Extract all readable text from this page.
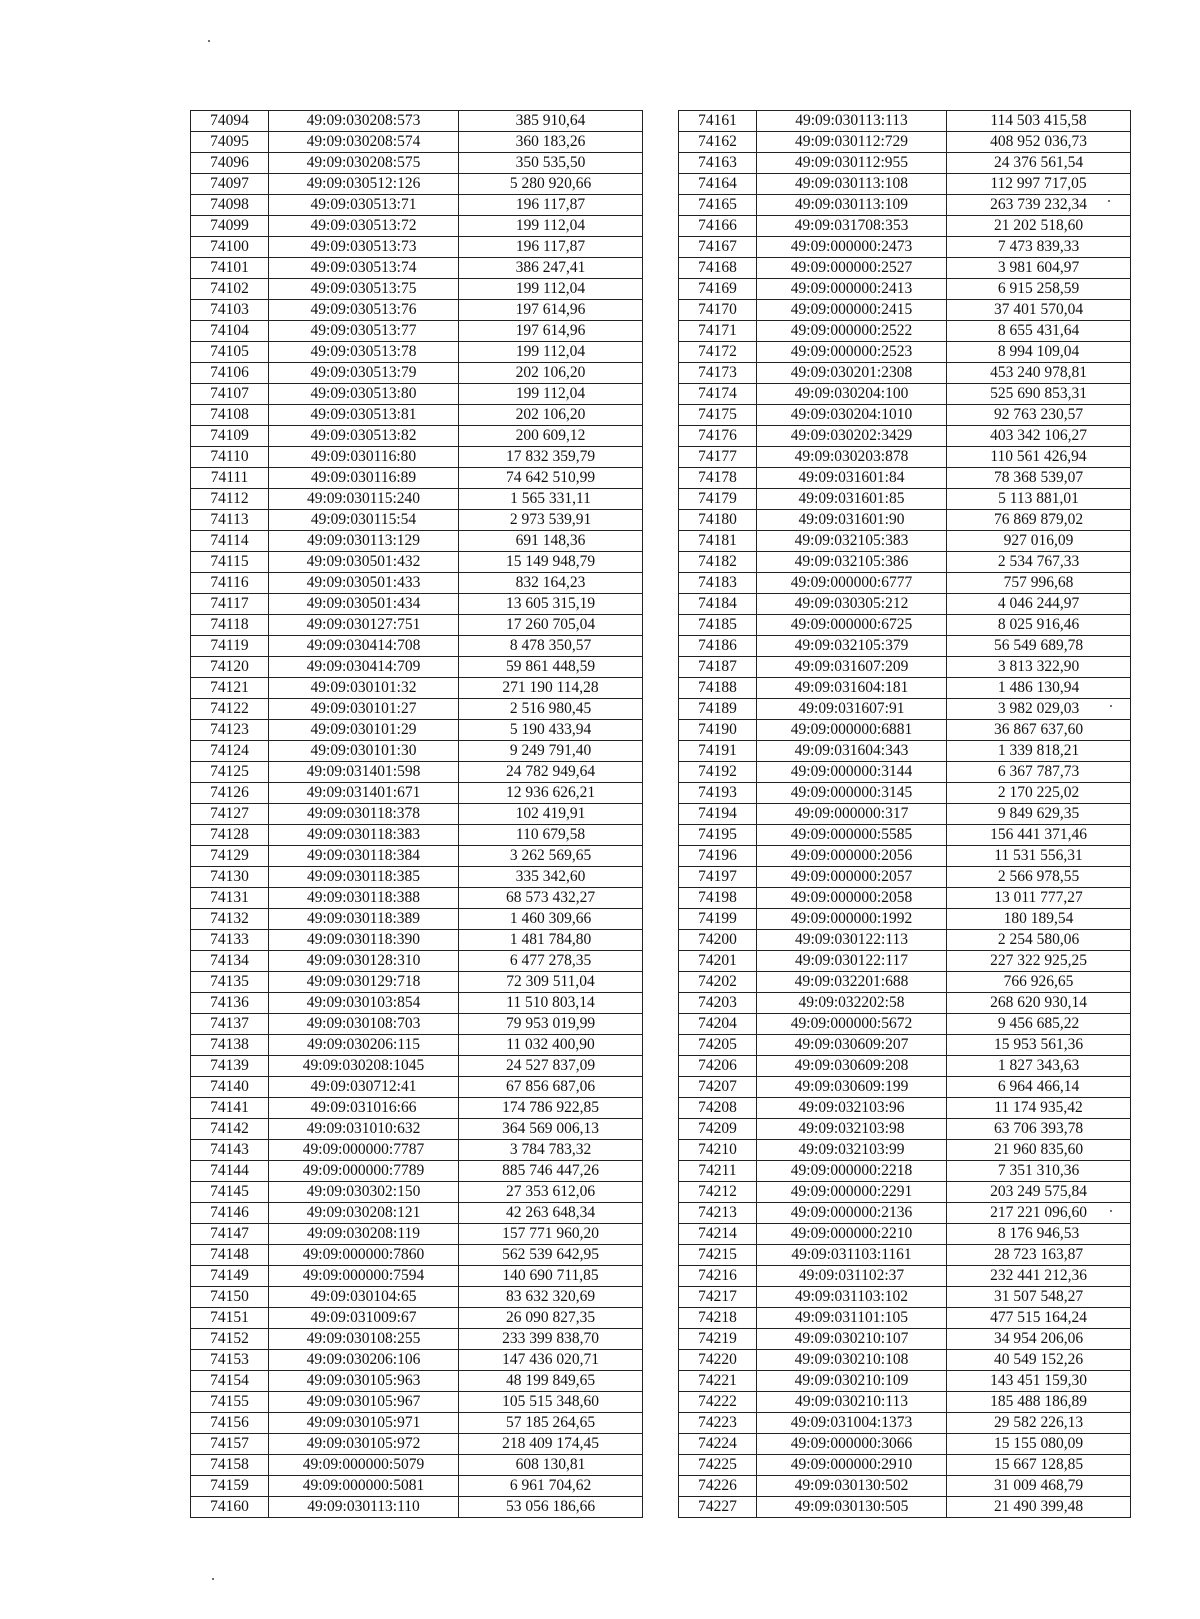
74094	49:09:030208:573	385 910,64
74095	49:09:030208:574	360 183,26
74096	49:09:030208:575	350 535,50
74097	49:09:030512:126	5 280 920,66
74098	49:09:030513:71	196 117,87
74099	49:09:030513:72	199 112,04
74100	49:09:030513:73	196 117,87
74101	49:09:030513:74	386 247,41
74102	49:09:030513:75	199 112,04
74103	49:09:030513:76	197 614,96
74104	49:09:030513:77	197 614,96
74105	49:09:030513:78	199 112,04
74106	49:09:030513:79	202 106,20
74107	49:09:030513:80	199 112,04
74108	49:09:030513:81	202 106,20
74109	49:09:030513:82	200 609,12
74110	49:09:030116:80	17 832 359,79
74111	49:09:030116:89	74 642 510,99
74112	49:09:030115:240	1 565 331,11
74113	49:09:030115:54	2 973 539,91
74114	49:09:030113:129	691 148,36
74115	49:09:030501:432	15 149 948,79
74116	49:09:030501:433	832 164,23
74117	49:09:030501:434	13 605 315,19
74118	49:09:030127:751	17 260 705,04
74119	49:09:030414:708	8 478 350,57
74120	49:09:030414:709	59 861 448,59
74121	49:09:030101:32	271 190 114,28
74122	49:09:030101:27	2 516 980,45
74123	49:09:030101:29	5 190 433,94
74124	49:09:030101:30	9 249 791,40
74125	49:09:031401:598	24 782 949,64
74126	49:09:031401:671	12 936 626,21
74127	49:09:030118:378	102 419,91
74128	49:09:030118:383	110 679,58
74129	49:09:030118:384	3 262 569,65
74130	49:09:030118:385	335 342,60
74131	49:09:030118:388	68 573 432,27
74132	49:09:030118:389	1 460 309,66
74133	49:09:030118:390	1 481 784,80
74134	49:09:030128:310	6 477 278,35
74135	49:09:030129:718	72 309 511,04
74136	49:09:030103:854	11 510 803,14
74137	49:09:030108:703	79 953 019,99
74138	49:09:030206:115	11 032 400,90
74139	49:09:030208:1045	24 527 837,09
74140	49:09:030712:41	67 856 687,06
74141	49:09:031016:66	174 786 922,85
74142	49:09:031010:632	364 569 006,13
74143	49:09:000000:7787	3 784 783,32
74144	49:09:000000:7789	885 746 447,26
74145	49:09:030302:150	27 353 612,06
74146	49:09:030208:121	42 263 648,34
74147	49:09:030208:119	157 771 960,20
74148	49:09:000000:7860	562 539 642,95
74149	49:09:000000:7594	140 690 711,85
74150	49:09:030104:65	83 632 320,69
74151	49:09:031009:67	26 090 827,35
74152	49:09:030108:255	233 399 838,70
74153	49:09:030206:106	147 436 020,71
74154	49:09:030105:963	48 199 849,65
74155	49:09:030105:967	105 515 348,60
74156	49:09:030105:971	57 185 264,65
74157	49:09:030105:972	218 409 174,45
74158	49:09:000000:5079	608 130,81
74159	49:09:000000:5081	6 961 704,62
74160	49:09:030113:110	53 056 186,66
74161	49:09:030113:113	114 503 415,58
74162	49:09:030112:729	408 952 036,73
74163	49:09:030112:955	24 376 561,54
74164	49:09:030113:108	112 997 717,05
74165	49:09:030113:109	263 739 232,34
74166	49:09:031708:353	21 202 518,60
74167	49:09:000000:2473	7 473 839,33
74168	49:09:000000:2527	3 981 604,97
74169	49:09:000000:2413	6 915 258,59
74170	49:09:000000:2415	37 401 570,04
74171	49:09:000000:2522	8 655 431,64
74172	49:09:000000:2523	8 994 109,04
74173	49:09:030201:2308	453 240 978,81
74174	49:09:030204:100	525 690 853,31
74175	49:09:030204:1010	92 763 230,57
74176	49:09:030202:3429	403 342 106,27
74177	49:09:030203:878	110 561 426,94
74178	49:09:031601:84	78 368 539,07
74179	49:09:031601:85	5 113 881,01
74180	49:09:031601:90	76 869 879,02
74181	49:09:032105:383	927 016,09
74182	49:09:032105:386	2 534 767,33
74183	49:09:000000:6777	757 996,68
74184	49:09:030305:212	4 046 244,97
74185	49:09:000000:6725	8 025 916,46
74186	49:09:032105:379	56 549 689,78
74187	49:09:031607:209	3 813 322,90
74188	49:09:031604:181	1 486 130,94
74189	49:09:031607:91	3 982 029,03
74190	49:09:000000:6881	36 867 637,60
74191	49:09:031604:343	1 339 818,21
74192	49:09:000000:3144	6 367 787,73
74193	49:09:000000:3145	2 170 225,02
74194	49:09:000000:317	9 849 629,35
74195	49:09:000000:5585	156 441 371,46
74196	49:09:000000:2056	11 531 556,31
74197	49:09:000000:2057	2 566 978,55
74198	49:09:000000:2058	13 011 777,27
74199	49:09:000000:1992	180 189,54
74200	49:09:030122:113	2 254 580,06
74201	49:09:030122:117	227 322 925,25
74202	49:09:032201:688	766 926,65
74203	49:09:032202:58	268 620 930,14
74204	49:09:000000:5672	9 456 685,22
74205	49:09:030609:207	15 953 561,36
74206	49:09:030609:208	1 827 343,63
74207	49:09:030609:199	6 964 466,14
74208	49:09:032103:96	11 174 935,42
74209	49:09:032103:98	63 706 393,78
74210	49:09:032103:99	21 960 835,60
74211	49:09:000000:2218	7 351 310,36
74212	49:09:000000:2291	203 249 575,84
74213	49:09:000000:2136	217 221 096,60
74214	49:09:000000:2210	8 176 946,53
74215	49:09:031103:1161	28 723 163,87
74216	49:09:031102:37	232 441 212,36
74217	49:09:031103:102	31 507 548,27
74218	49:09:031101:105	477 515 164,24
74219	49:09:030210:107	34 954 206,06
74220	49:09:030210:108	40 549 152,26
74221	49:09:030210:109	143 451 159,30
74222	49:09:030210:113	185 488 186,89
74223	49:09:031004:1373	29 582 226,13
74224	49:09:000000:3066	15 155 080,09
74225	49:09:000000:2910	15 667 128,85
74226	49:09:030130:502	31 009 468,79
74227	49:09:030130:505	21 490 399,48
